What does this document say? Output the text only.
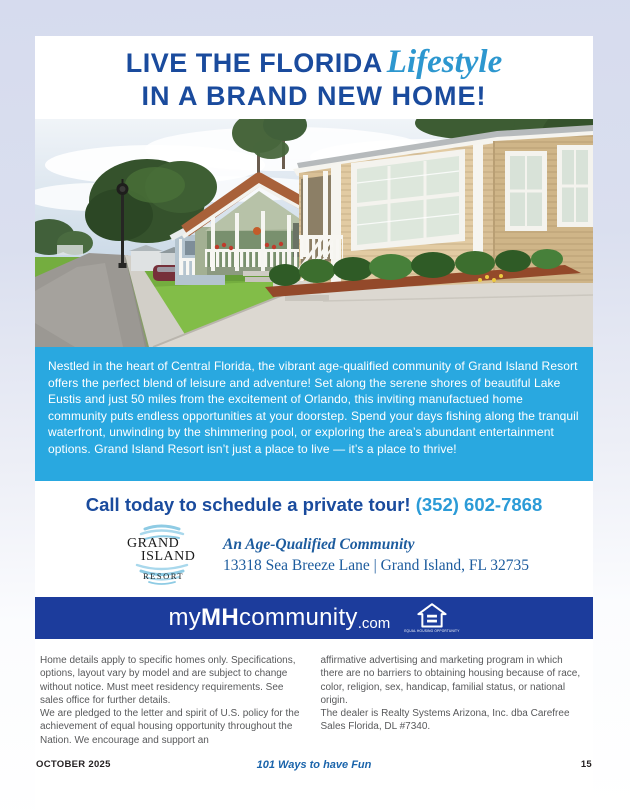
LIVE THE FLORIDA Lifestyle
IN A BRAND NEW HOME!

Nestled in the heart of Central Florida, the vibrant age-qualified community of Grand Island Resort offers the perfect blend of leisure and adventure! Set along the serene shores of beautiful Lake Eustis and just 50 miles from the excitement of Orlando, this inviting manufactued home community puts endless opportunities at your doorstep. Spend your days fishing along the tranquil waterfront, unwinding by the shimmering pool, or exploring the area’s abundant entertainment options. Grand Island Resort isn’t just a place to live — it’s a place to thrive!

Call today to schedule a private tour! (352) 602-7868
GRAND
ISLAND
RESORT
An Age-Qualified Community
13318 Sea Breeze Lane | Grand Island, FL 32735
myMHcommunity.com	EQUAL HOUSING OPPORTUNITY

Home details apply to specific homes only. Specifications, options, layout vary by model and are subject to change without notice. Must meet residency requirements. See sales office for further details.

We are pledged to the letter and spirit of U.S. policy for the achievement of equal housing opportunity throughout the Nation. We encourage and support an

affirmative advertising and marketing program in which there are no barriers to obtaining housing because of race, color, religion, sex, handicap, familial status, or national origin.

The dealer is Realty Systems Arizona, Inc. dba Carefree Sales Florida, DL #7340.

OCTOBER 2025	101 Ways to have Fun	15
